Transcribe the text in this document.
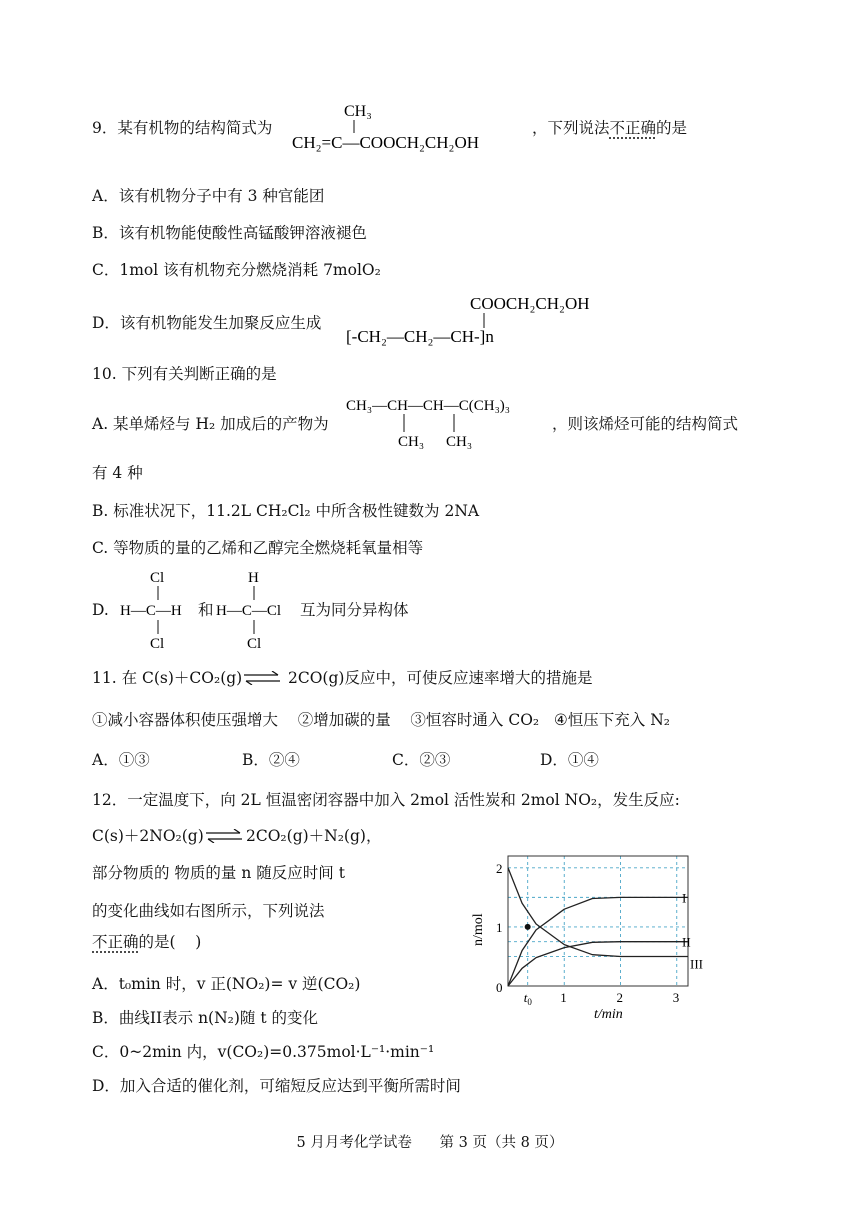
9．某有机物的结构简式为
CH₃
CH₂=C—COOCH₂CH₂OH
，下列说法不正确的是
A．该有机物分子中有 3 种官能团
B．该有机物能使酸性高锰酸钾溶液褪色
C．1mol 该有机物充分燃烧消耗 7molO₂
D．该有机物能发生加聚反应生成
COOCH₂CH₂OH
[-CH₂—CH₂—CH-]n
10. 下列有关判断正确的是
A. 某单烯烃与 H₂ 加成后的产物为
CH₃—CH—CH—C(CH₃)₃
CH₃ CH₃
，则该烯烃可能的结构简式
有 4 种
B. 标准状况下，11.2L CH₂Cl₂ 中所含极性键数为 2NA
C. 等物质的量的乙烯和乙醇完全燃烧耗氧量相等
D.
Cl
H—C—H
Cl
和
H
H—C—Cl
Cl
互为同分异构体
11. 在 C(s)＋CO₂(g)	2CO(g)反应中，可使反应速率增大的措施是
①减小容器体积使压强增大    ②增加碳的量    ③恒容时通入 CO₂   ④恒压下充入 N₂
A．①③	B．②④	C．②③	D．①④
12．一定温度下，向 2L 恒温密闭容器中加入 2mol 活性炭和 2mol NO₂，发生反应:
C(s)＋2NO₂(g)	2CO₂(g)＋N₂(g)，
部分物质的 物质的量 n 随反应时间 t
的变化曲线如右图所示，下列说法
不正确的是(    )
A．t₀min 时，v 正(NO₂)= v 逆(CO₂)
B．曲线II表示 n(N₂)随 t 的变化
C．0~2min 内，v(CO₂)=0.375mol·L⁻¹·min⁻¹
D．加入合适的催化剂，可缩短反应达到平衡所需时间
$t_0$ 1	2	3
0
1
2
t/min
n/mol
I
II
III
5 月月考化学试卷      第 3 页（共 8 页）
